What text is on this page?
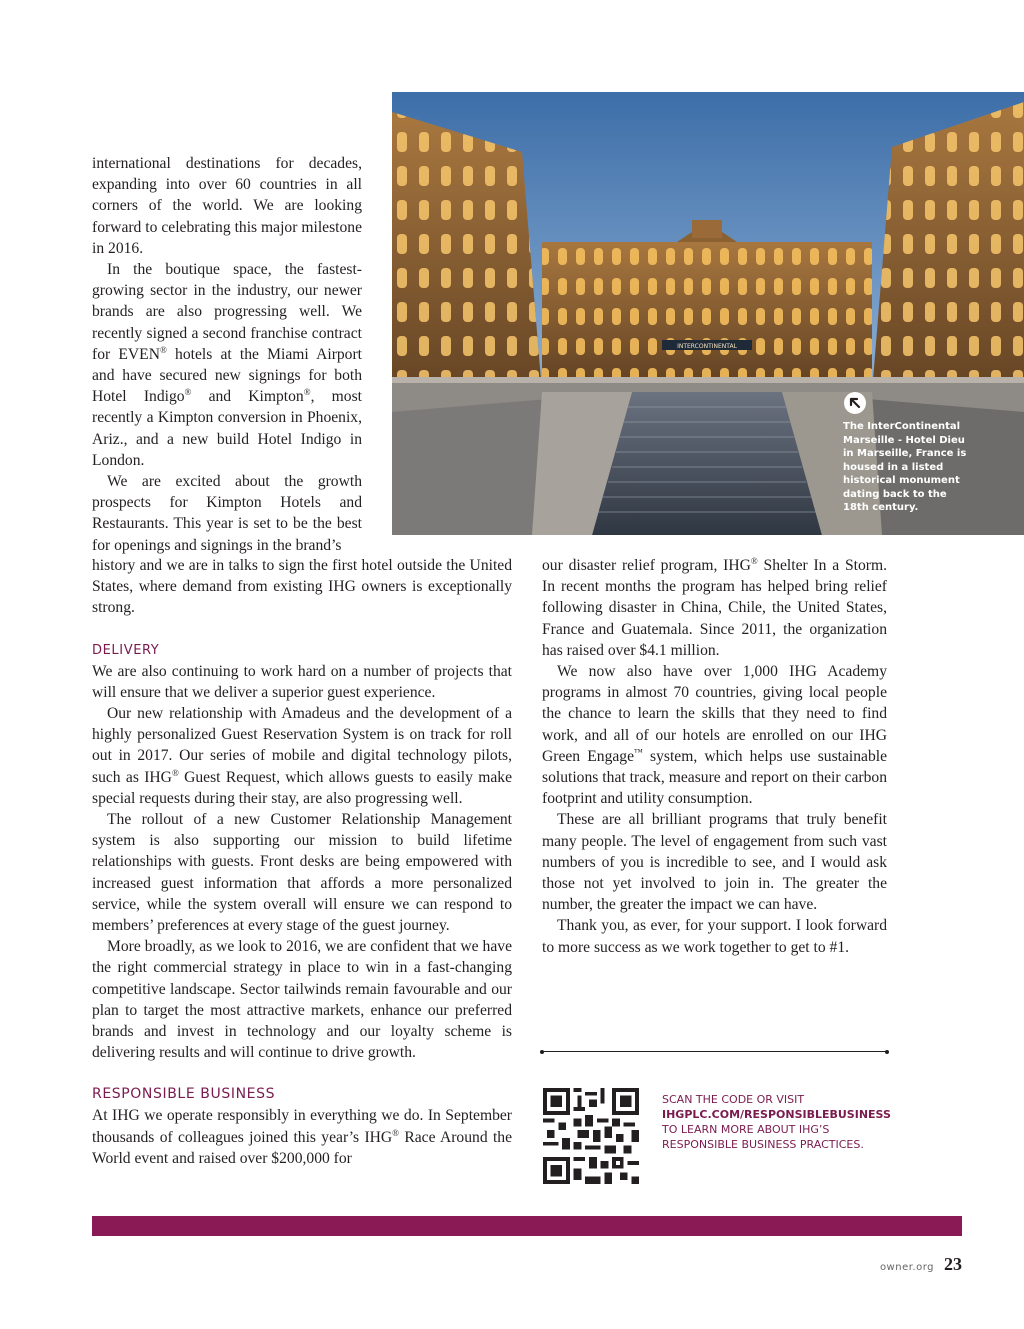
INTERCONTINENTAL
The InterContinental Marseille - Hotel Dieu in Marseille, France is housed in a listed historical monument dating back to the 18th century.

international destinations for decades, expanding into over 60 countries in all corners of the world. We are looking forward to celebrating this major milestone in 2016.

In the boutique space, the fastest-growing sector in the industry, our newer brands are also progressing well. We recently signed a second franchise contract for EVEN® hotels at the Miami Airport and have secured new signings for both Hotel Indigo® and Kimpton®, most recently a Kimpton conversion in Phoenix, Ariz., and a new build Hotel Indigo in London.

We are excited about the growth prospects for Kimpton Hotels and Restaurants. This year is set to be the best for openings and signings in the brand’s

history and we are in talks to sign the first hotel outside the United States, where demand from existing IHG owners is exceptionally strong.

DELIVERY

We are also continuing to work hard on a number of projects that will ensure that we deliver a superior guest experience.

Our new relationship with Amadeus and the development of a highly personalized Guest Reservation System is on track for roll out in 2017. Our series of mobile and digital technology pilots, such as IHG® Guest Request, which allows guests to easily make special requests during their stay, are also progressing well.

The rollout of a new Customer Relationship Management system is also supporting our mission to build lifetime relationships with guests. Front desks are being empowered with increased guest information that affords a more personalized service, while the system overall will ensure we can respond to members’ preferences at every stage of the guest journey.

More broadly, as we look to 2016, we are confident that we have the right commercial strategy in place to win in a fast-changing competitive landscape. Sector tailwinds remain favourable and our plan to target the most attractive markets, enhance our preferred brands and invest in technology and our loyalty scheme is delivering results and will continue to drive growth.

RESPONSIBLE BUSINESS

At IHG we operate responsibly in everything we do. In September thousands of colleagues joined this year’s IHG® Race Around the World event and raised over $200,000 for

our disaster relief program, IHG® Shelter In a Storm. In recent months the program has helped bring relief following disaster in China, Chile, the United States, France and Guatemala. Since 2011, the organization has raised over $4.1 million.

We now also have over 1,000 IHG Academy programs in almost 70 countries, giving local people the chance to learn the skills that they need to find work, and all of our hotels are enrolled on our IHG Green Engage™ system, which helps use sustainable solutions that track, measure and report on their carbon footprint and utility consumption.

These are all brilliant programs that truly benefit many people. The level of engagement from such vast numbers of you is incredible to see, and I would ask those not yet involved to join in. The greater the number, the greater the impact we can have.

Thank you, as ever, for your support. I look forward to more success as we work together to get to #1.

SCAN THE CODE OR VISIT
IHGPLC.COM/RESPONSIBLEBUSINESS
TO LEARN MORE ABOUT IHG’S
RESPONSIBLE BUSINESS PRACTICES.
owner.org 23
